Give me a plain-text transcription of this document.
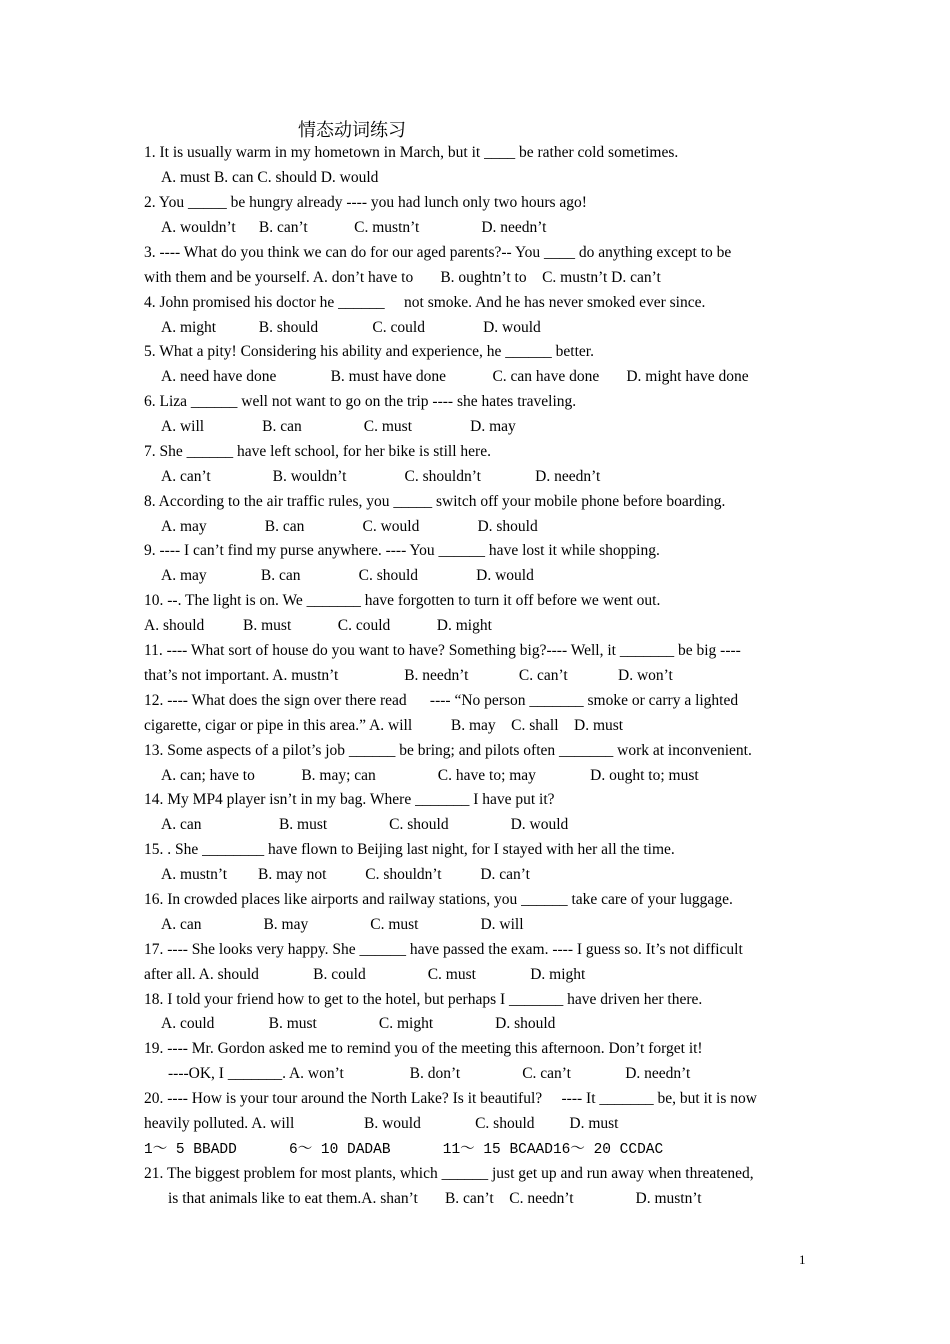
情态动词练习
1. It is usually warm in my hometown in March, but it ____ be rather cold sometimes.
A. must B. can C. should D. would
2. You _____ be hungry already ---- you had lunch only two hours ago!
A. wouldn’t      B. can’t            C. mustn’t                D. needn’t
3. ---- What do you think we can do for our aged parents?-- You ____ do anything except to be
with them and be yourself. A. don’t have to       B. oughtn’t to    C. mustn’t D. can’t
4. John promised his doctor he ______     not smoke. And he has never smoked ever since.
A. might           B. should              C. could               D. would
5. What a pity! Considering his ability and experience, he ______ better.
A. need have done              B. must have done            C. can have done       D. might have done
6. Liza ______ well not want to go on the trip ---- she hates traveling.
A. will               B. can                C. must               D. may
7. She ______ have left school, for her bike is still here.
A. can’t                B. wouldn’t               C. shouldn’t              D. needn’t
8. According to the air traffic rules, you _____ switch off your mobile phone before boarding.
A. may               B. can               C. would               D. should
9. ---- I can’t find my purse anywhere. ---- You ______ have lost it while shopping.
A. may              B. can               C. should               D. would
10. --. The light is on. We _______ have forgotten to turn it off before we went out.
A. should          B. must            C. could            D. might
11. ---- What sort of house do you want to have? Something big?---- Well, it _______ be big ----
that’s not important. A. mustn’t                 B. needn’t             C. can’t             D. won’t
12. ---- What does the sign over there read      ---- “No person _______ smoke or carry a lighted
cigarette, cigar or pipe in this area.” A. will          B. may    C. shall    D. must
13. Some aspects of a pilot’s job ______ be bring; and pilots often _______ work at inconvenient.
A. can; have to            B. may; can                C. have to; may              D. ought to; must
14. My MP4 player isn’t in my bag. Where _______ I have put it?
A. can                    B. must                C. should                D. would
15. . She ________ have flown to Beijing last night, for I stayed with her all the time.
A. mustn’t        B. may not          C. shouldn’t          D. can’t
16. In crowded places like airports and railway stations, you ______ take care of your luggage.
A. can                B. may                C. must                D. will
17. ---- She looks very happy. She ______ have passed the exam. ---- I guess so. It’s not difficult
after all. A. should              B. could                C. must              D. might
18. I told your friend how to get to the hotel, but perhaps I _______ have driven her there.
A. could              B. must                C. might                D. should
19. ---- Mr. Gordon asked me to remind you of the meeting this afternoon. Don’t forget it!
----OK, I _______. A. won’t                 B. don’t                C. can’t              D. needn’t
20. ---- How is your tour around the North Lake? Is it beautiful?     ---- It _______ be, but it is now
heavily polluted. A. will                  B. would              C. should         D. must
1～ 5 BBADD      6～ 10 DADAB      11～ 15 BCAAD16～ 20 CCDAC
21. The biggest problem for most plants, which ______ just get up and run away when threatened,
is that animals like to eat them.A. shan’t       B. can’t    C. needn’t                D. mustn’t
1
